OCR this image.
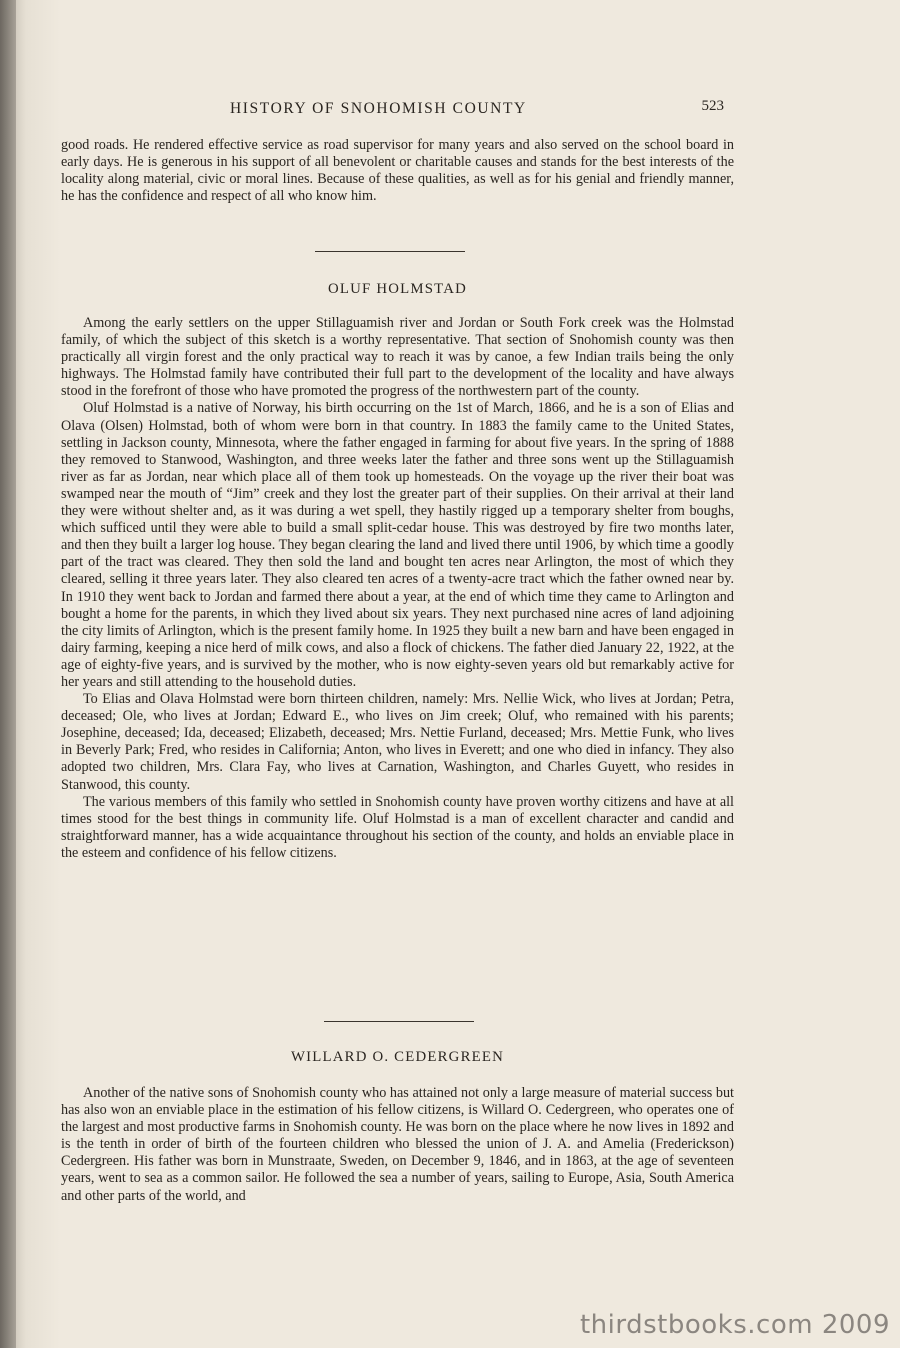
HISTORY OF SNOHOMISH COUNTY	523

good roads. He rendered effective service as road supervisor for many years and also served on the school board in early days. He is generous in his support of all benevolent or charitable causes and stands for the best interests of the locality along material, civic or moral lines. Because of these qualities, as well as for his genial and friendly manner, he has the confidence and respect of all who know him.

OLUF HOLMSTAD

Among the early settlers on the upper Stillaguamish river and Jordan or South Fork creek was the Holmstad family, of which the subject of this sketch is a worthy representative. That section of Snohomish county was then practically all virgin forest and the only practical way to reach it was by canoe, a few Indian trails being the only highways. The Holmstad family have contributed their full part to the development of the locality and have always stood in the forefront of those who have promoted the progress of the northwestern part of the county.

Oluf Holmstad is a native of Norway, his birth occurring on the 1st of March, 1866, and he is a son of Elias and Olava (Olsen) Holmstad, both of whom were born in that country. In 1883 the family came to the United States, settling in Jackson county, Minnesota, where the father engaged in farming for about five years. In the spring of 1888 they removed to Stanwood, Washington, and three weeks later the father and three sons went up the Stillaguamish river as far as Jordan, near which place all of them took up homesteads. On the voyage up the river their boat was swamped near the mouth of “Jim” creek and they lost the greater part of their supplies. On their arrival at their land they were without shelter and, as it was during a wet spell, they hastily rigged up a temporary shelter from boughs, which sufficed until they were able to build a small split-cedar house. This was destroyed by fire two months later, and then they built a larger log house. They began clearing the land and lived there until 1906, by which time a goodly part of the tract was cleared. They then sold the land and bought ten acres near Arlington, the most of which they cleared, selling it three years later. They also cleared ten acres of a twenty-acre tract which the father owned near by. In 1910 they went back to Jordan and farmed there about a year, at the end of which time they came to Arlington and bought a home for the parents, in which they lived about six years. They next purchased nine acres of land adjoining the city limits of Arlington, which is the present family home. In 1925 they built a new barn and have been engaged in dairy farming, keeping a nice herd of milk cows, and also a flock of chickens. The father died January 22, 1922, at the age of eighty-five years, and is survived by the mother, who is now eighty-seven years old but remarkably active for her years and still attending to the household duties.

To Elias and Olava Holmstad were born thirteen children, namely: Mrs. Nellie Wick, who lives at Jordan; Petra, deceased; Ole, who lives at Jordan; Edward E., who lives on Jim creek; Oluf, who remained with his parents; Josephine, deceased; Ida, deceased; Elizabeth, deceased; Mrs. Nettie Furland, deceased; Mrs. Mettie Funk, who lives in Beverly Park; Fred, who resides in California; Anton, who lives in Everett; and one who died in infancy. They also adopted two children, Mrs. Clara Fay, who lives at Carnation, Washington, and Charles Guyett, who resides in Stanwood, this county.

The various members of this family who settled in Snohomish county have proven worthy citizens and have at all times stood for the best things in community life. Oluf Holmstad is a man of excellent character and candid and straightforward manner, has a wide acquaintance throughout his section of the county, and holds an enviable place in the esteem and confidence of his fellow citizens.

WILLARD O. CEDERGREEN

Another of the native sons of Snohomish county who has attained not only a large measure of material success but has also won an enviable place in the estimation of his fellow citizens, is Willard O. Cedergreen, who operates one of the largest and most productive farms in Snohomish county. He was born on the place where he now lives in 1892 and is the tenth in order of birth of the fourteen children who blessed the union of J. A. and Amelia (Frederickson) Cedergreen. His father was born in Munstraate, Sweden, on December 9, 1846, and in 1863, at the age of seventeen years, went to sea as a common sailor. He followed the sea a number of years, sailing to Europe, Asia, South America and other parts of the world, and

thirdstbooks.com 2009
